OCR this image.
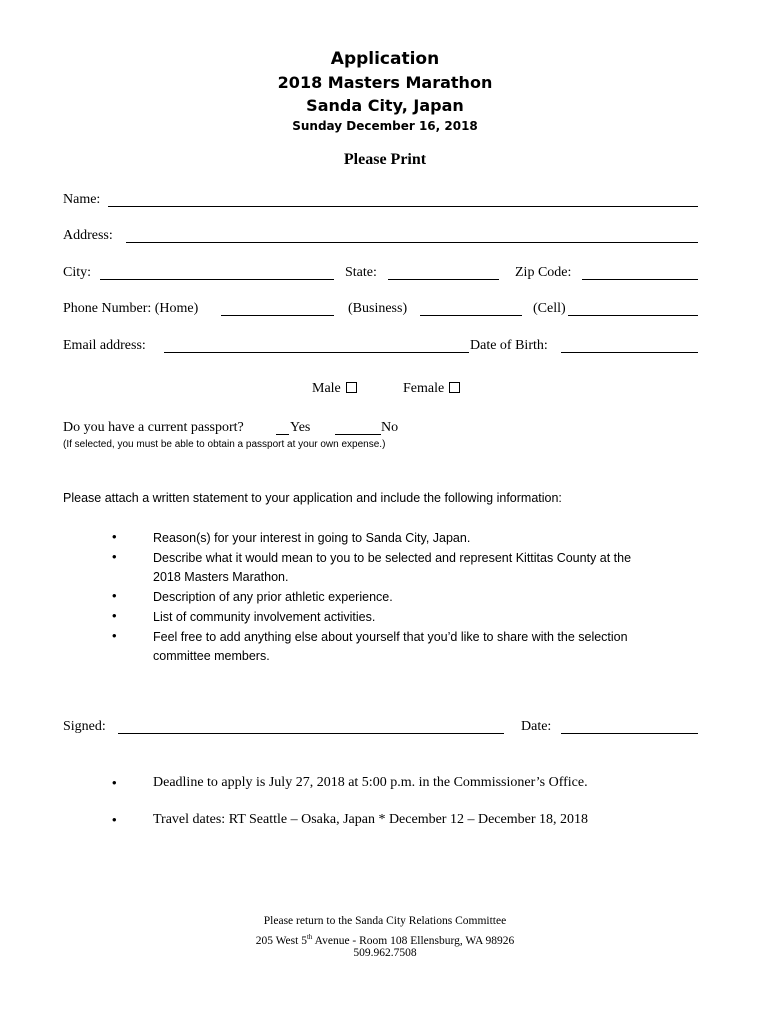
Application
2018 Masters Marathon
Sanda City, Japan
Sunday December 16, 2018
Please Print
Name:
Address:
City:	State:	Zip Code:
Phone Number: (Home)	(Business)	(Cell)
Email address:	Date of Birth:
Male	Female
Do you have a current passport?	Yes	No
(If selected, you must be able to obtain a passport at your own expense.)
Please attach a written statement to your application and include the following information:
•	Reason(s) for your interest in going to Sanda City, Japan.
•	Describe what it would mean to you to be selected and represent Kittitas County at the
2018 Masters Marathon.
•	Description of any prior athletic experience.
•	List of community involvement activities.
•	Feel free to add anything else about yourself that you’d like to share with the selection
committee members.
Signed:	Date:
•	Deadline to apply is July 27, 2018 at 5:00 p.m. in the Commissioner’s Office.
•	Travel dates: RT Seattle – Osaka, Japan * December 12 – December 18, 2018
Please return to the Sanda City Relations Committee
205 West 5th Avenue - Room 108 Ellensburg, WA 98926
509.962.7508
